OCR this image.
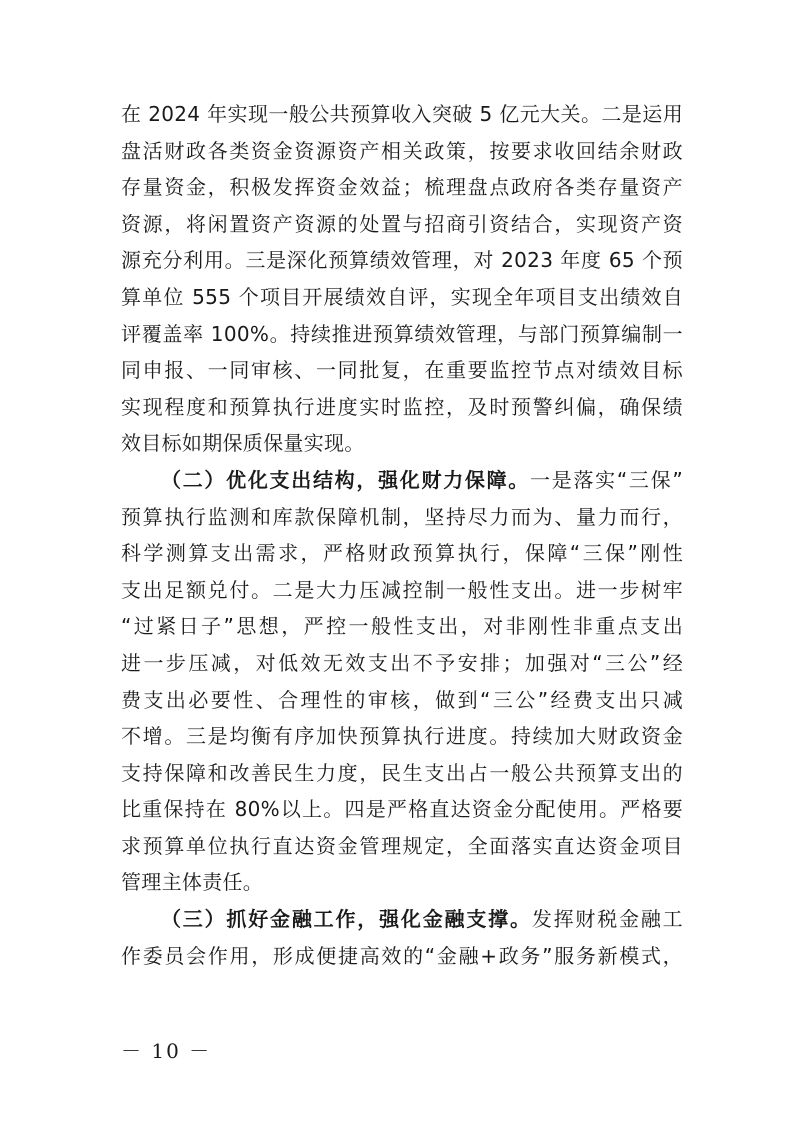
在 2024 年实现一般公共预算收入突破 5 亿元大关。二是运用
盘活财政各类资金资源资产相关政策，按要求收回结余财政
存量资金，积极发挥资金效益；梳理盘点政府各类存量资产
资源，将闲置资产资源的处置与招商引资结合，实现资产资
源充分利用。三是深化预算绩效管理，对 2023 年度 65 个预
算单位 555 个项目开展绩效自评，实现全年项目支出绩效自
评覆盖率 100%。持续推进预算绩效管理，与部门预算编制一
同申报、一同审核、一同批复，在重要监控节点对绩效目标
实现程度和预算执行进度实时监控，及时预警纠偏，确保绩
效目标如期保质保量实现。
（二）优化支出结构，强化财力保障。一是落实“三保”
预算执行监测和库款保障机制，坚持尽力而为、量力而行，
科学测算支出需求，严格财政预算执行，保障“三保”刚性
支出足额兑付。二是大力压减控制一般性支出。进一步树牢
“过紧日子”思想，严控一般性支出，对非刚性非重点支出
进一步压减，对低效无效支出不予安排；加强对“三公”经
费支出必要性、合理性的审核，做到“三公”经费支出只减
不增。三是均衡有序加快预算执行进度。持续加大财政资金
支持保障和改善民生力度，民生支出占一般公共预算支出的
比重保持在 80%以上。四是严格直达资金分配使用。严格要
求预算单位执行直达资金管理规定，全面落实直达资金项目
管理主体责任。
（三）抓好金融工作，强化金融支撑。发挥财税金融工
作委员会作用，形成便捷高效的“金融+政务”服务新模式，
－ 10 －
